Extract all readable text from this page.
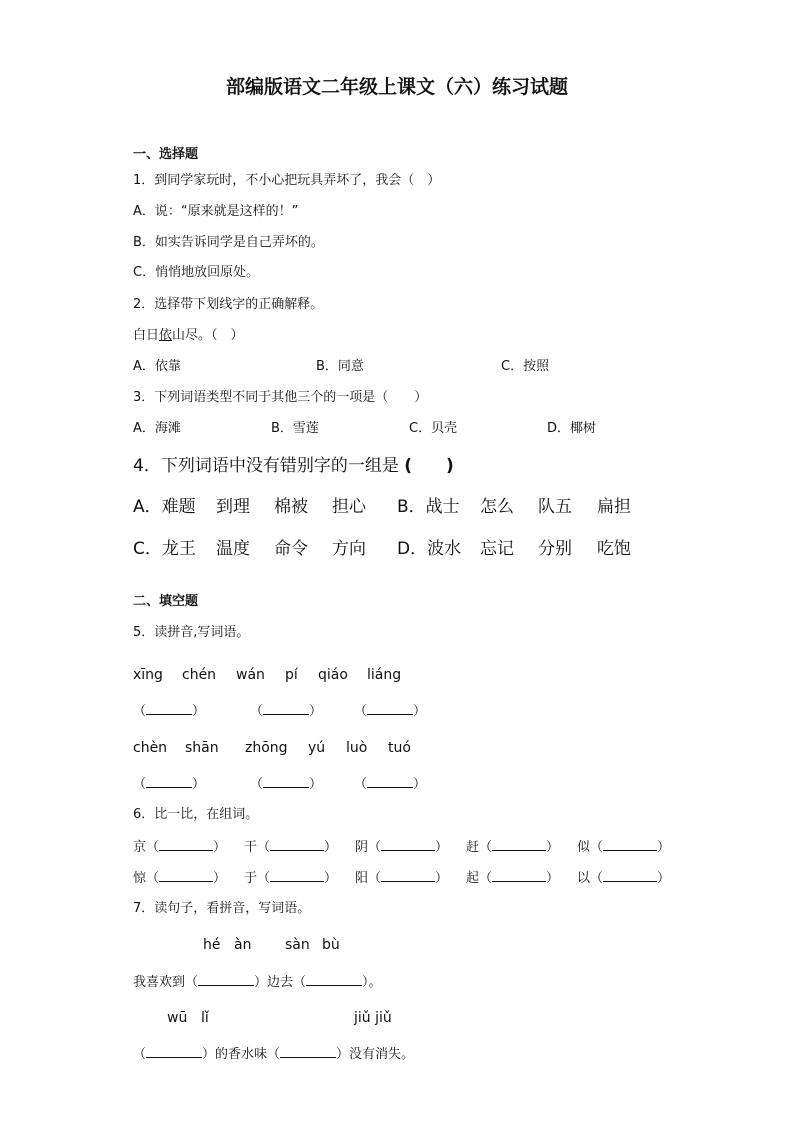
部编版语文二年级上课文（六）练习试题
一、选择题
1．到同学家玩时，不小心把玩具弄坏了，我会（　）
A．说：“原来就是这样的！”
B．如实告诉同学是自己弄坏的。
C．悄悄地放回原处。
2．选择带下划线字的正确解释。
白日依山尽。（　）
A．依靠	B．同意	C．按照
3．下列词语类型不同于其他三个的一项是（　　）
A．海滩	B．雪莲	C．贝壳	D．椰树
4．下列词语中没有错别字的一组是 (　　)
A．难题 到理 棉被 担心 B．战士 怎么 队五 扁担
C．龙王 温度 命令 方向 D．波水 忘记 分别 吃饱
二、填空题
5．读拼音,写词语。
xīng chén wán pí qiáo liáng
（	）	（	） （	）
chèn shān zhōng yú luò tuó
（	）	（	） （	）
6．比一比，在组词。
京（	） 干（	） 阴（	） 赶（	） 似（	）
惊（	） 于（	） 阳（	） 起（	） 以（	）
7．读句子，看拼音，写词语。
hé àn sàn bù
我喜欢到（	）边去（	）。
wū lǐ	jiǔ jiǔ
（	）的香水味（	）没有消失。
